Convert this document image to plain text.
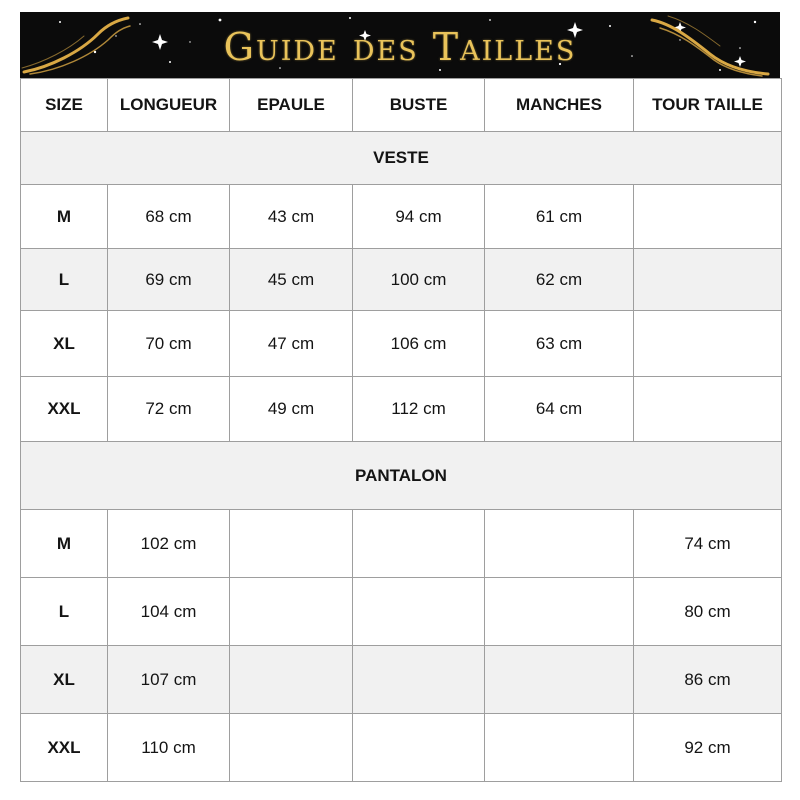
Guide des Tailles
SIZE	LONGUEUR	EPAULE	BUSTE	MANCHES	TOUR TAILLE
VESTE					
M	68 cm	43 cm	94 cm	61 cm	
L	69 cm	45 cm	100 cm	62 cm	
XL	70 cm	47 cm	106 cm	63 cm	
XXL	72 cm	49 cm	112 cm	64 cm	
PANTALON					
M	102 cm				74 cm
L	104 cm				80 cm
XL	107 cm				86 cm
XXL	110 cm				92 cm
